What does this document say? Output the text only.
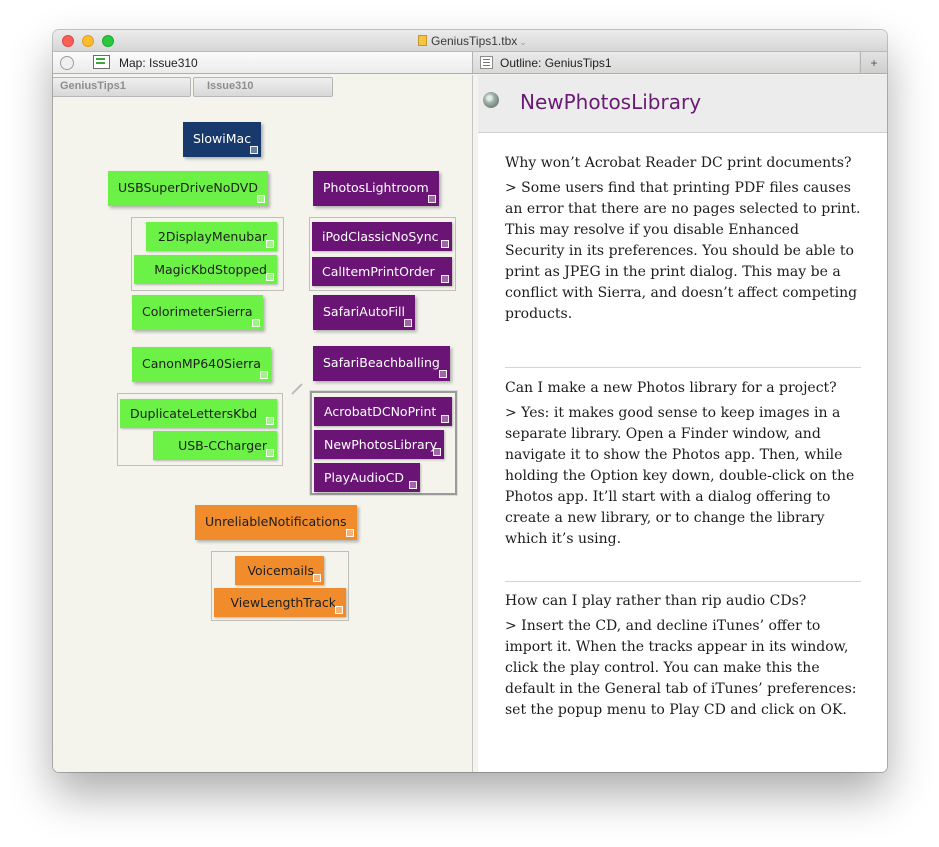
GeniusTips1.tbx ⌄
Map: Issue310	Outline: GeniusTips1	+
GeniusTips1	Issue310
SlowiMac
USBSuperDriveNoDVD	PhotosLightroom
2DisplayMenubar
MagicKbdStopped
iPodClassicNoSync
CalItemPrintOrder
ColorimeterSierra	SafariAutoFill
CanonMP640Sierra	SafariBeachballing
DuplicateLettersKbd
USB-CCharger
AcrobatDCNoPrint
NewPhotosLibrary
PlayAudioCD
UnreliableNotifications
Voicemails
ViewLengthTrack
NewPhotosLibrary

Why won’t Acrobat Reader DC print documents?

> Some users find that printing PDF files causes an error that there are no pages selected to print. This may resolve if you disable Enhanced Security in its preferences. You should be able to print as JPEG in the print dialog. This may be a conflict with Sierra, and doesn’t affect competing products.

Can I make a new Photos library for a project?

> Yes: it makes good sense to keep images in a separate library. Open a Finder window, and navigate it to show the Photos app. Then, while holding the Option key down, double-click on the Photos app. It’ll start with a dialog offering to create a new library, or to change the library which it’s using.

How can I play rather than rip audio CDs?

> Insert the CD, and decline iTunes’ offer to import it. When the tracks appear in its window, click the play control. You can make this the default in the General tab of iTunes’ preferences: set the popup menu to Play CD and click on OK.
